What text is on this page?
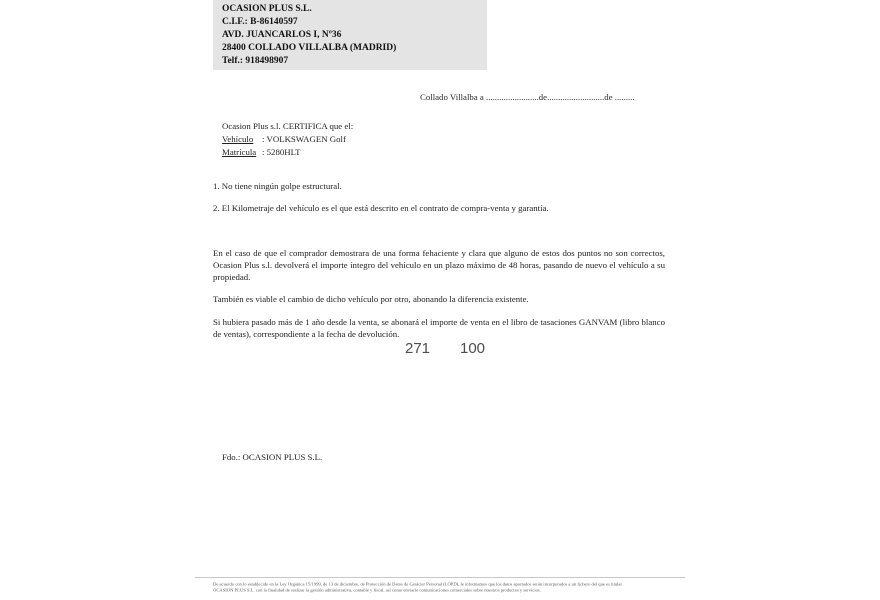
OCASION PLUS S.L.
C.I.F.: B-86140597
AVD. JUANCARLOS I, Nº36
28400 COLLADO VILLALBA (MADRID)
Telf.: 918498907
Collado Villalba a ........................de..........................de .........
Ocasion Plus s.l. CERTIFICA que el:
Vehículo : VOLKSWAGEN Golf
Matrícula : 5280HLT
1. No tiene ningún golpe estructural.
2. El Kilometraje del vehículo es el que está descrito en el contrato de compra-venta y garantía.
En el caso de que el comprador demostrara de una forma fehaciente y clara que alguno de estos dos puntos no son correctos, Ocasion Plus s.l. devolverá el importe íntegro del vehículo en un plazo máximo de 48 horas, pasando de nuevo el vehículo a su propiedad.
También es viable el cambio de dicho vehículo por otro, abonando la diferencia existente.
Si hubiera pasado más de 1 año desde la venta, se abonará el importe de venta en el libro de tasaciones GANVAM (libro blanco de ventas), correspondiente a la fecha de devolución.
Fdo.: OCASION PLUS S.L.
De acuerdo con lo establecido en la Ley Orgánica 15/1999, de 13 de diciembre, de Protección de Datos de Carácter Personal (LOPD), le informamos que los datos aportados serán incorporados a un fichero del que es titular
OCASION PLUS S.L. con la finalidad de realizar la gestión administrativa, contable y fiscal, así como enviarle comunicaciones comerciales sobre nuestros productos y servicios.
271 100
